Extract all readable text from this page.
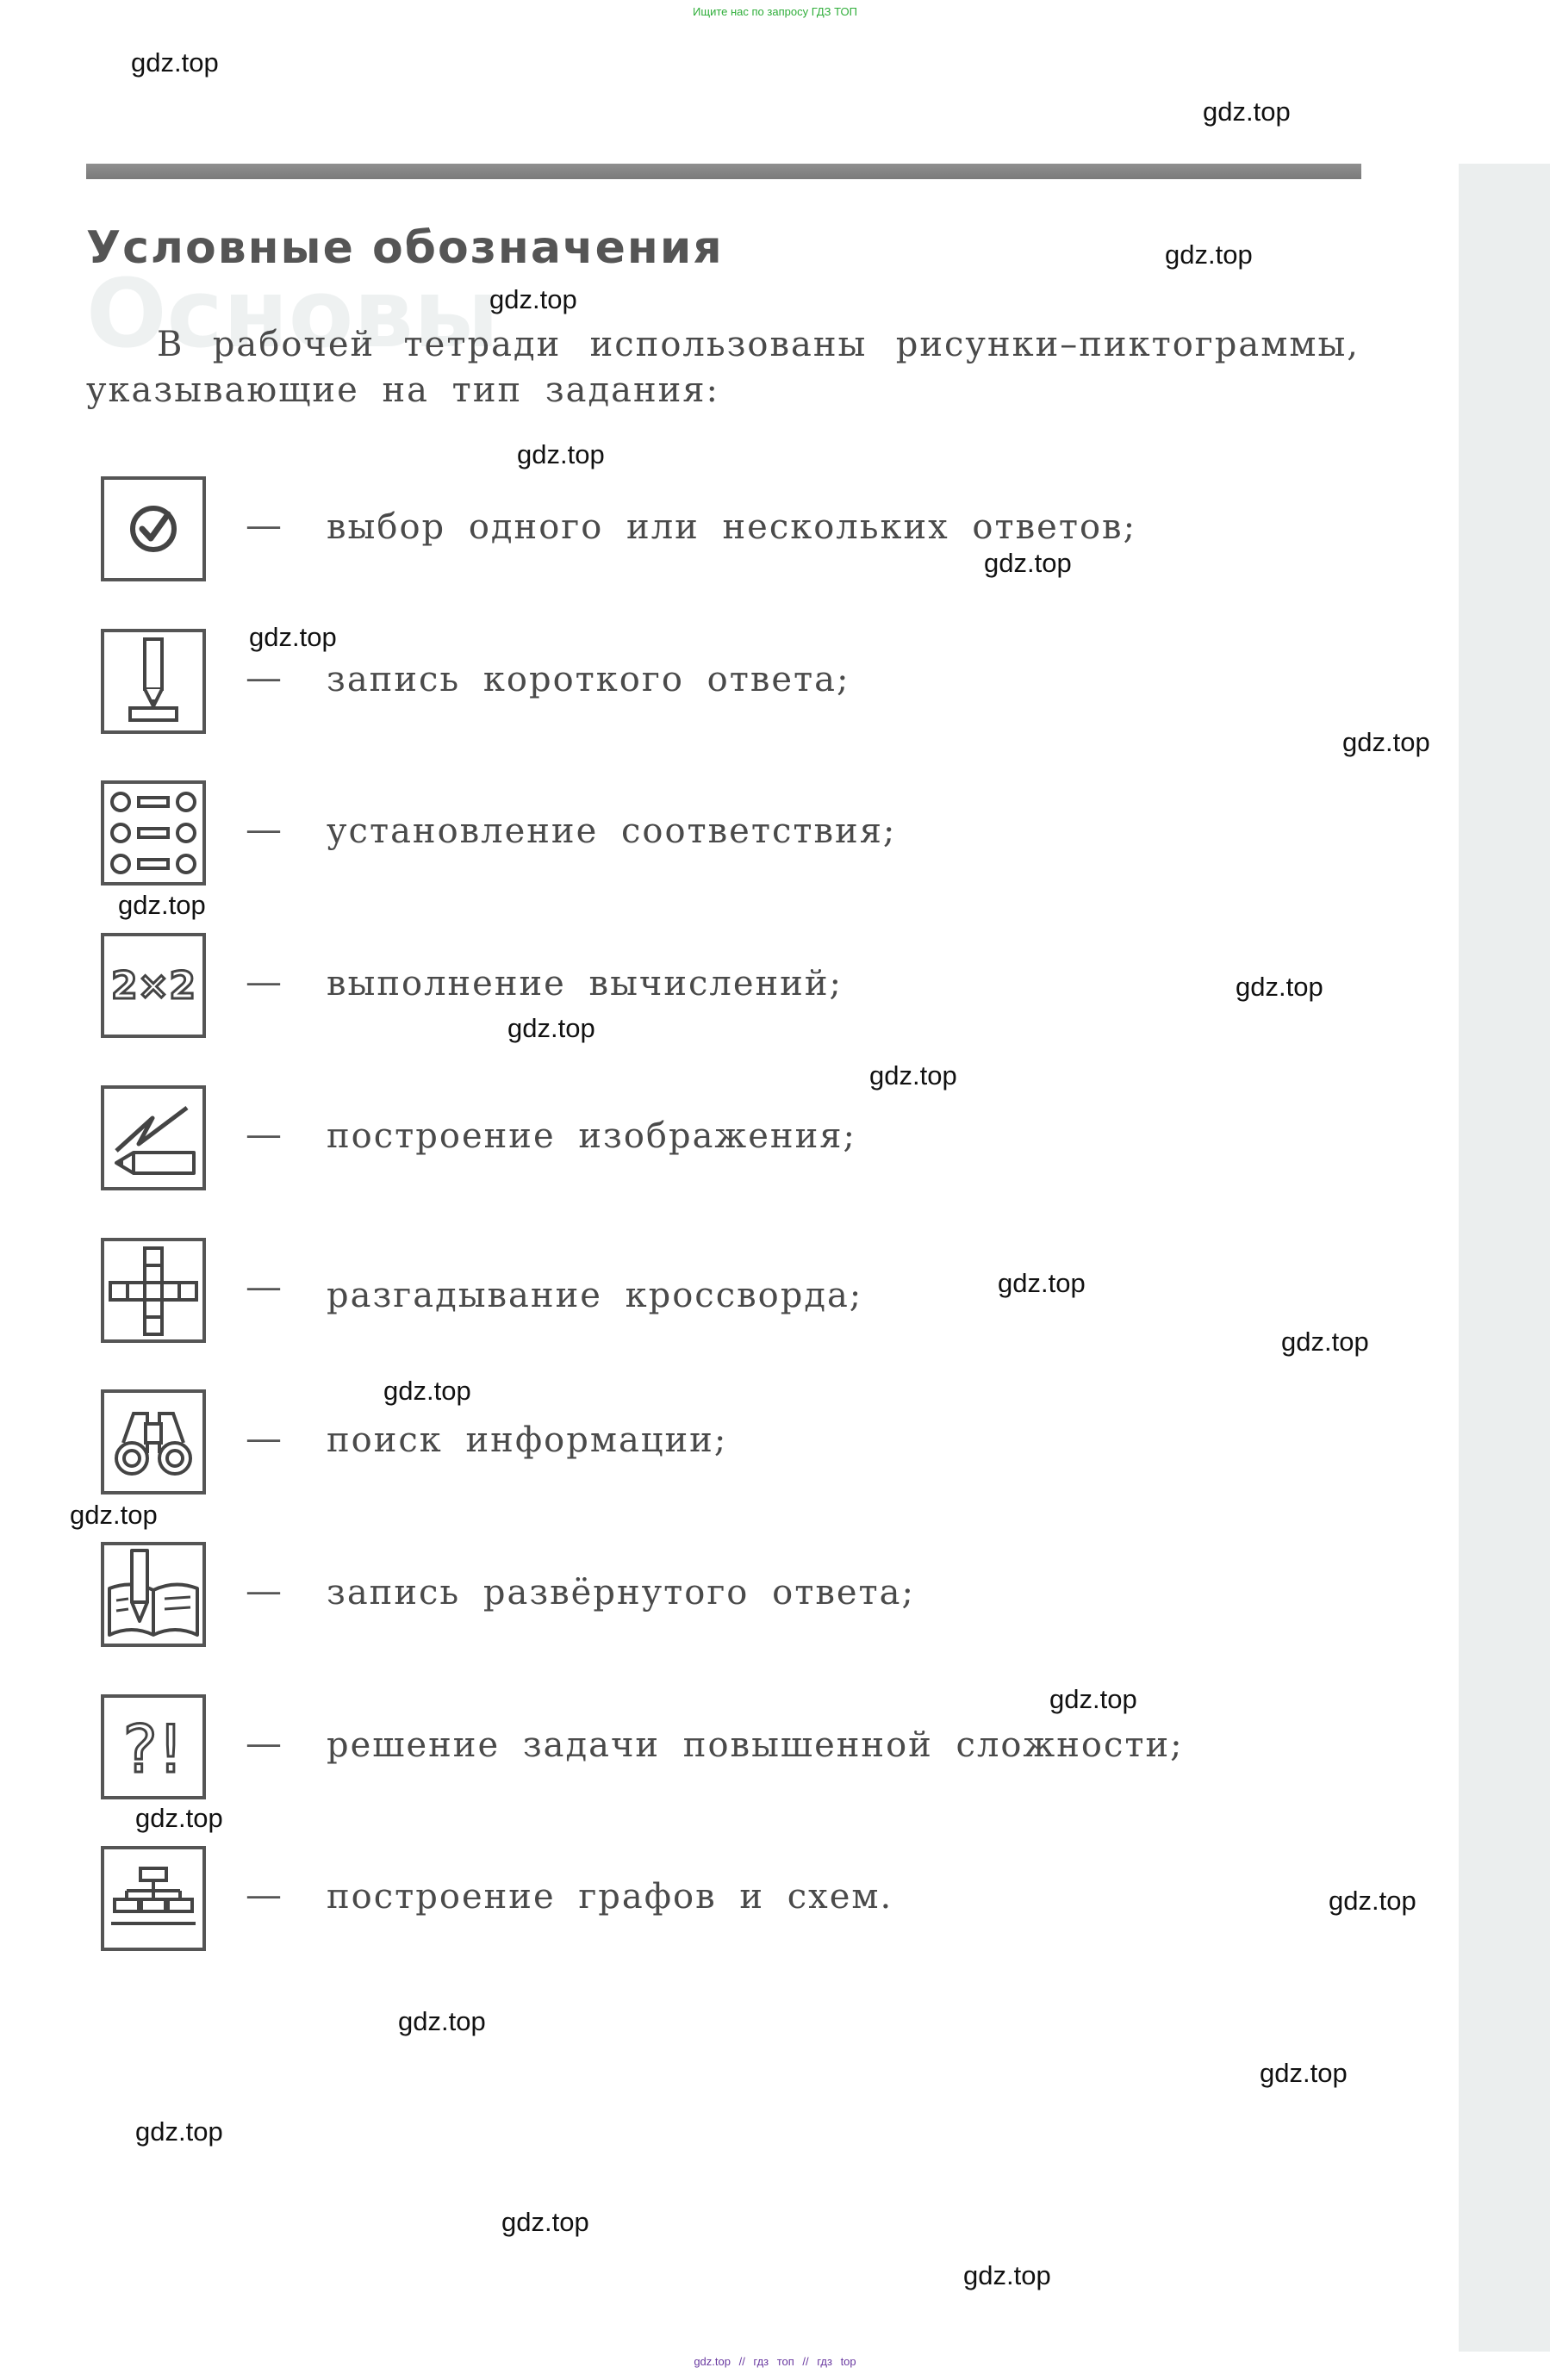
Ищите нас по запросу ГДЗ ТОП
Основы
Условные обозначения

В рабочей тетради использованы рисунки–пиктограммы, указывающие на тип задания:

— выбор одного или нескольких ответов;
— запись короткого ответа;
— установление соответствия;
2×2 — выполнение вычислений;
— построение изображения;
— разгадывание кроссворда;
— поиск информации;
— запись развёрнутого ответа;
?! — решение задачи повышенной сложности;
— построение графов и схем.
gdz.top
gdz.top
gdz.top
gdz.top
gdz.top
gdz.top
gdz.top
gdz.top
gdz.top
gdz.top
gdz.top
gdz.top
gdz.top
gdz.top
gdz.top
gdz.top
gdz.top
gdz.top
gdz.top
gdz.top
gdz.top
gdz.top
gdz.top
gdz.top
gdz.top // гдз топ // гдз top
